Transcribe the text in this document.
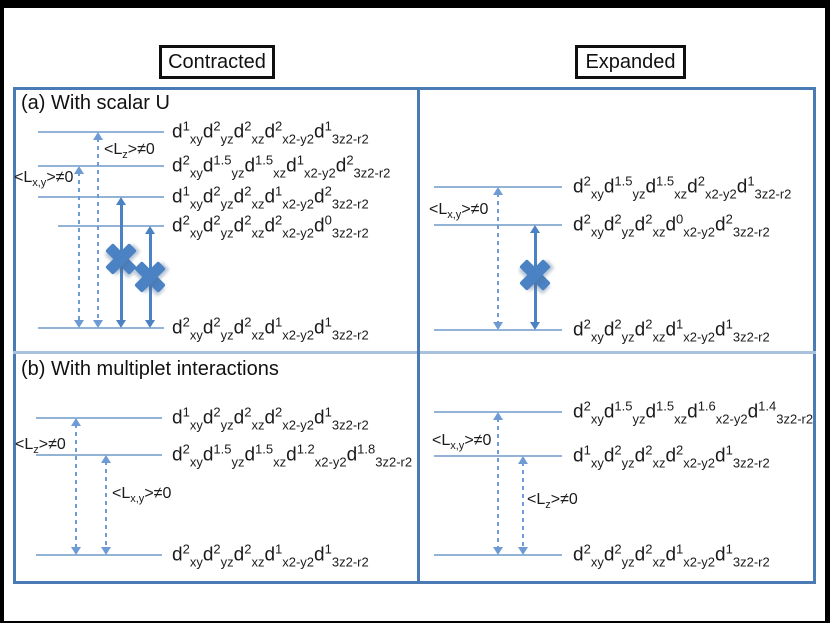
Contracted	Expanded
(a) With scalar U
(b) With multiplet interactions
$d^1_{xy}d^2_{yz}d^2_{xz}d^2_{x2-y2}d^1_{3z2-r2}$
$d^2_{xy}d^{1.5}_{yz}d^{1.5}_{xz}d^1_{x2-y2}d^2_{3z2-r2}$
$d^1_{xy}d^2_{yz}d^2_{xz}d^1_{x2-y2}d^2_{3z2-r2}$
$d^2_{xy}d^2_{yz}d^2_{xz}d^2_{x2-y2}d^0_{3z2-r2}$
$d^2_{xy}d^2_{yz}d^2_{xz}d^1_{x2-y2}d^1_{3z2-r2}$
$<L_{x,y}>\ne 0$
$<L_z>\ne 0$
$d^2_{xy}d^{1.5}_{yz}d^{1.5}_{xz}d^2_{x2-y2}d^1_{3z2-r2}$
$d^2_{xy}d^2_{yz}d^2_{xz}d^0_{x2-y2}d^2_{3z2-r2}$
$d^2_{xy}d^2_{yz}d^2_{xz}d^1_{x2-y2}d^1_{3z2-r2}$
$<L_{x,y}>\ne 0$
$d^1_{xy}d^2_{yz}d^2_{xz}d^2_{x2-y2}d^1_{3z2-r2}$
$d^2_{xy}d^{1.5}_{yz}d^{1.5}_{xz}d^{1.2}_{x2-y2}d^{1.8}_{3z2-r2}$
$d^2_{xy}d^2_{yz}d^2_{xz}d^1_{x2-y2}d^1_{3z2-r2}$
$<L_z>\ne 0$
$<L_{x,y}>\ne 0$
$d^2_{xy}d^{1.5}_{yz}d^{1.5}_{xz}d^{1.6}_{x2-y2}d^{1.4}_{3z2-r2}$
$d^1_{xy}d^2_{yz}d^2_{xz}d^2_{x2-y2}d^1_{3z2-r2}$
$d^2_{xy}d^2_{yz}d^2_{xz}d^1_{x2-y2}d^1_{3z2-r2}$
$<L_{x,y}>\ne 0$
$<L_z>\ne 0$
